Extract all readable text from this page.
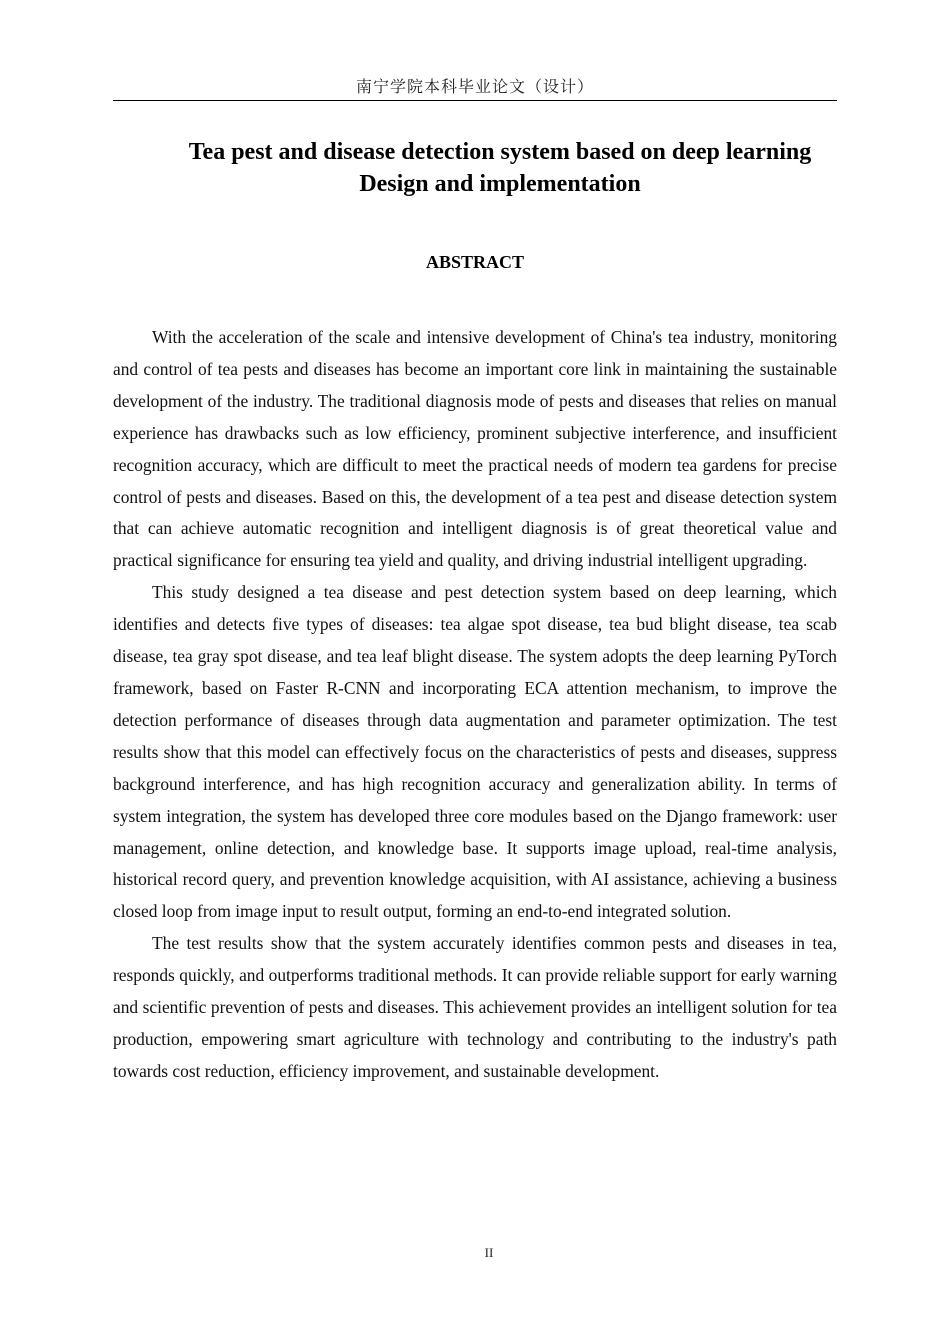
南宁学院本科毕业论文（设计）
Tea pest and disease detection system based on deep learning
Design and implementation
ABSTRACT

With the acceleration of the scale and intensive development of China's tea industry, monitoring and control of tea pests and diseases has become an important core link in maintaining the sustainable development of the industry. The traditional diagnosis mode of pests and diseases that relies on manual experience has drawbacks such as low efficiency, prominent subjective interference, and insufficient recognition accuracy, which are difficult to meet the practical needs of modern tea gardens for precise control of pests and diseases. Based on this, the development of a tea pest and disease detection system that can achieve automatic recognition and intelligent diagnosis is of great theoretical value and practical significance for ensuring tea yield and quality, and driving industrial intelligent upgrading.

This study designed a tea disease and pest detection system based on deep learning, which identifies and detects five types of diseases: tea algae spot disease, tea bud blight disease, tea scab disease, tea gray spot disease, and tea leaf blight disease. The system adopts the deep learning PyTorch framework, based on Faster R-CNN and incorporating ECA attention mechanism, to improve the detection performance of diseases through data augmentation and parameter optimization. The test results show that this model can effectively focus on the characteristics of pests and diseases, suppress background interference, and has high recognition accuracy and generalization ability. In terms of system integration, the system has developed three core modules based on the Django framework: user management, online detection, and knowledge base. It supports image upload, real-time analysis, historical record query, and prevention knowledge acquisition, with AI assistance, achieving a business closed loop from image input to result output, forming an end-to-end integrated solution.

The test results show that the system accurately identifies common pests and diseases in tea, responds quickly, and outperforms traditional methods. It can provide reliable support for early warning and scientific prevention of pests and diseases. This achievement provides an intelligent solution for tea production, empowering smart agriculture with technology and contributing to the industry's path towards cost reduction, efficiency improvement, and sustainable development.

II
